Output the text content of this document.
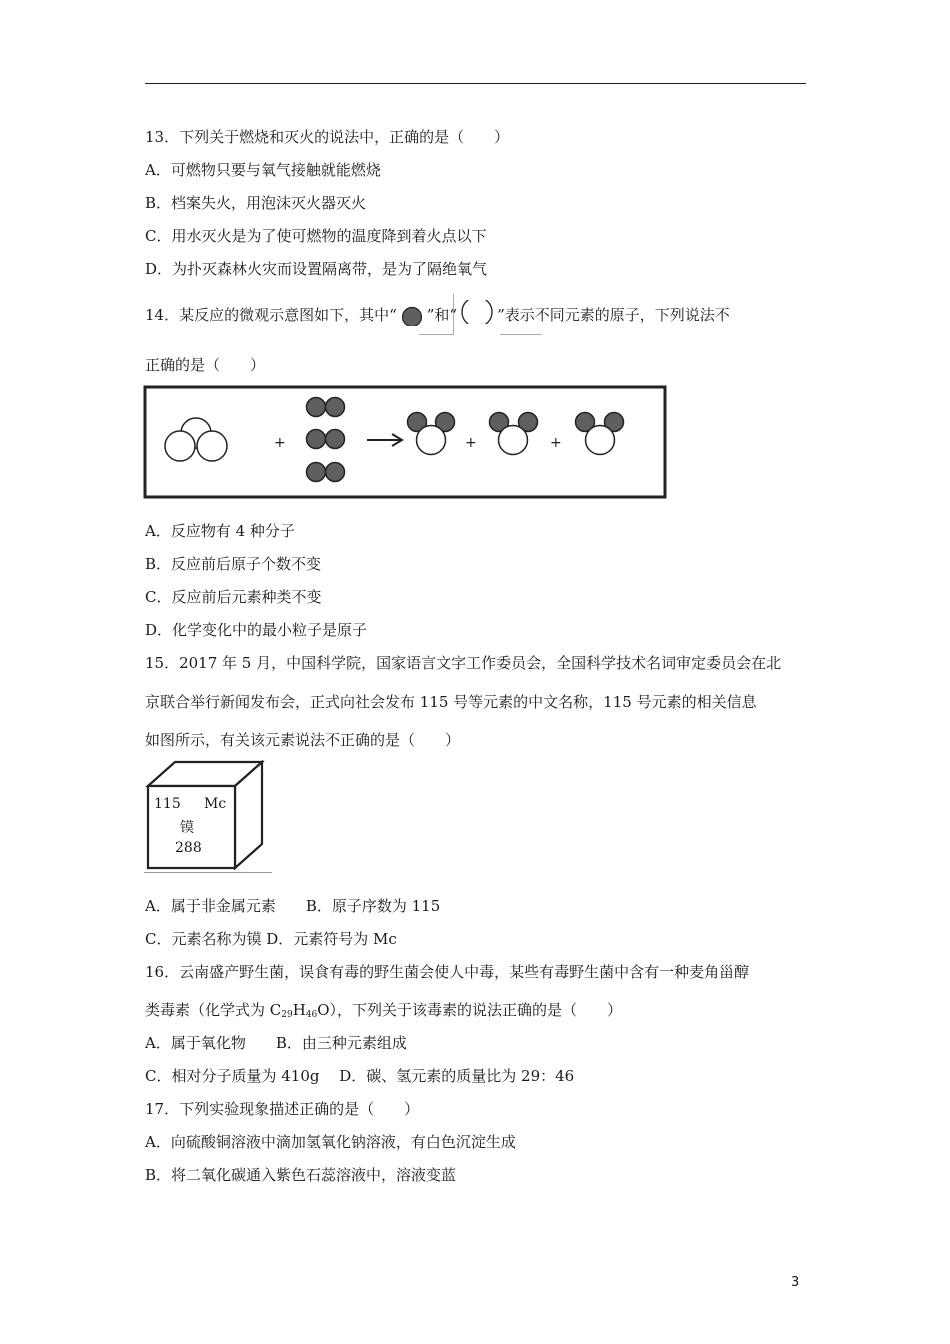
13．下列关于燃烧和灭火的说法中，正确的是（　　）
A．可燃物只要与氧气接触就能燃烧
B．档案失火，用泡沫灭火器灭火
C．用水灭火是为了使可燃物的温度降到着火点以下
D．为扑灭森林火灾而设置隔离带，是为了隔绝氧气
14．某反应的微观示意图如下，其中“ ”和“	”表示不同元素的原子，下列说法不
正确的是（　　）
+	+	+
A．反应物有 4 种分子
B．反应前后原子个数不变
C．反应前后元素种类不变
D．化学变化中的最小粒子是原子
15．2017 年 5 月，中国科学院，国家语言文字工作委员会，全国科学技术名词审定委员会在北
京联合举行新闻发布会，正式向社会发布 115 号等元素的中文名称，115 号元素的相关信息
如图所示，有关该元素说法不正确的是（　　）
115 Mc
镆
288
A．属于非金属元素　　B．原子序数为 115
C．元素名称为镆 D．元素符号为 Mc
16．云南盛产野生菌，误食有毒的野生菌会使人中毒，某些有毒野生菌中含有一种麦角甾醇
类毒素（化学式为 $C_{29}H_{46}O$），下列关于该毒素的说法正确的是（　　）
A．属于氧化物　　B．由三种元素组成
C．相对分子质量为 410g　 D．碳、氢元素的质量比为 29：46
17．下列实验现象描述正确的是（　　）
A．向硫酸铜溶液中滴加氢氧化钠溶液，有白色沉淀生成
B．将二氧化碳通入紫色石蕊溶液中，溶液变蓝
3
